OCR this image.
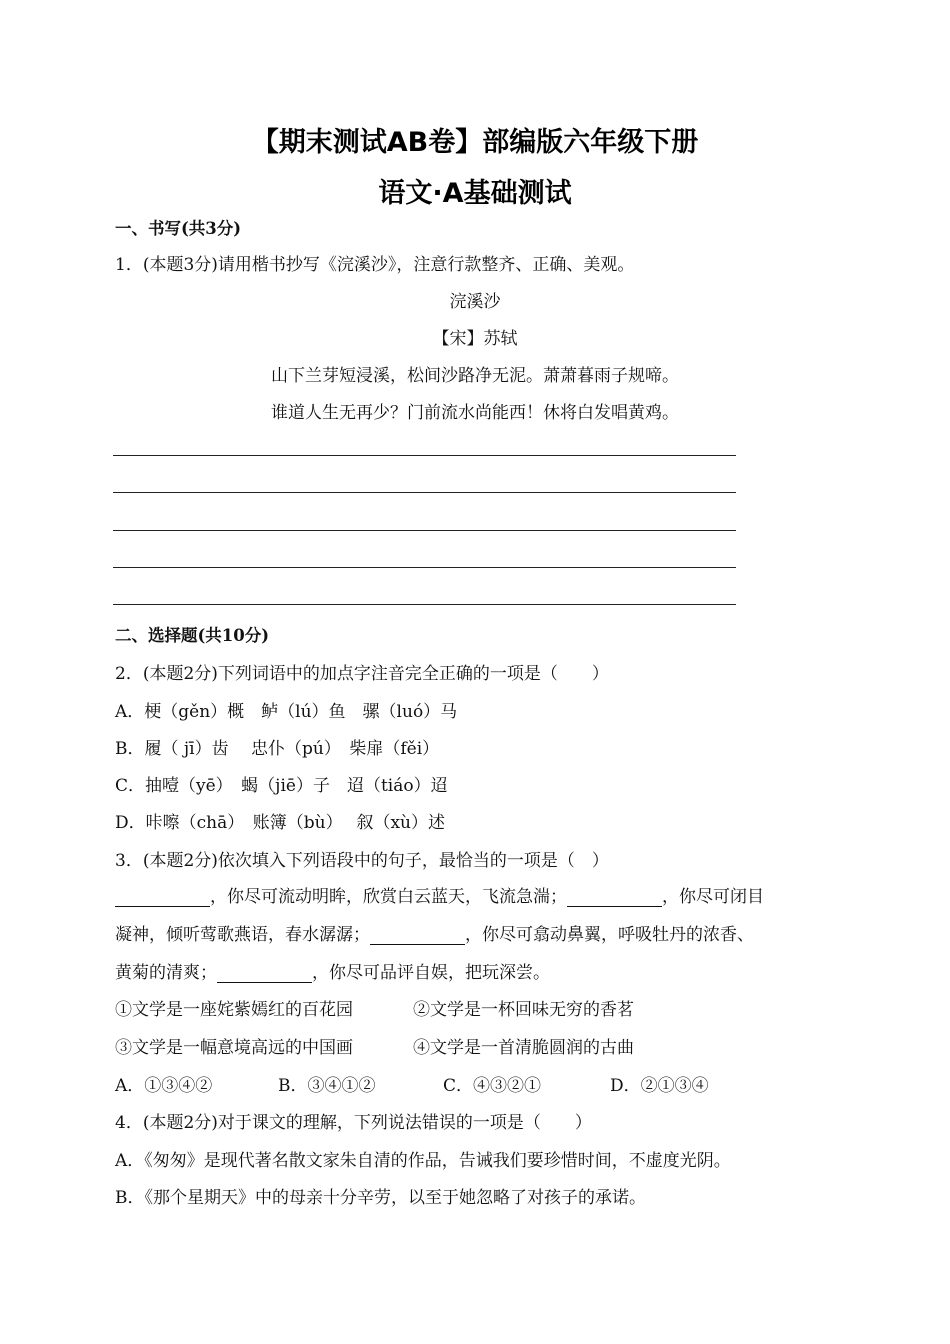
【期末测试AB卷】部编版六年级下册
语文·A基础测试
一、书写(共3分)
1．(本题3分)请用楷书抄写《浣溪沙》，注意行款整齐、正确、美观。
浣溪沙
【宋】苏轼
山下兰芽短浸溪，松间沙路净无泥。萧萧暮雨子规啼。
谁道人生无再少？门前流水尚能西！休将白发唱黄鸡。
二、选择题(共10分)
2．(本题2分)下列词语中的加点字注音完全正确的一项是（　　）
A．梗（gěn）概　鲈（lú）鱼　骡（luó）马
B．履（ jī）齿　 忠仆（pú）　柴扉（fěi）
C．抽噎（yē）　蝎（jiē）子　迢（tiáo）迢
D．咔嚓（chā）　账簿（bù）　 叙（xù）述
3．(本题2分)依次填入下列语段中的句子，最恰当的一项是（　）
，你尽可流动明眸，欣赏白云蓝天，飞流急湍；	，你尽可闭目
凝神，倾听莺歌燕语，春水潺潺；	，你尽可翕动鼻翼，呼吸牡丹的浓香、
黄菊的清爽；	，你尽可品评自娱，把玩深尝。
①文学是一座姹紫嫣红的百花园	②文学是一杯回味无穷的香茗
③文学是一幅意境高远的中国画	④文学是一首清脆圆润的古曲
A．①③④②	B．③④①②	C．④③②①	D．②①③④
4．(本题2分)对于课文的理解，下列说法错误的一项是（　　）
A．《匆匆》是现代著名散文家朱自清的作品，告诫我们要珍惜时间，不虚度光阴。
B．《那个星期天》中的母亲十分辛劳，以至于她忽略了对孩子的承诺。
